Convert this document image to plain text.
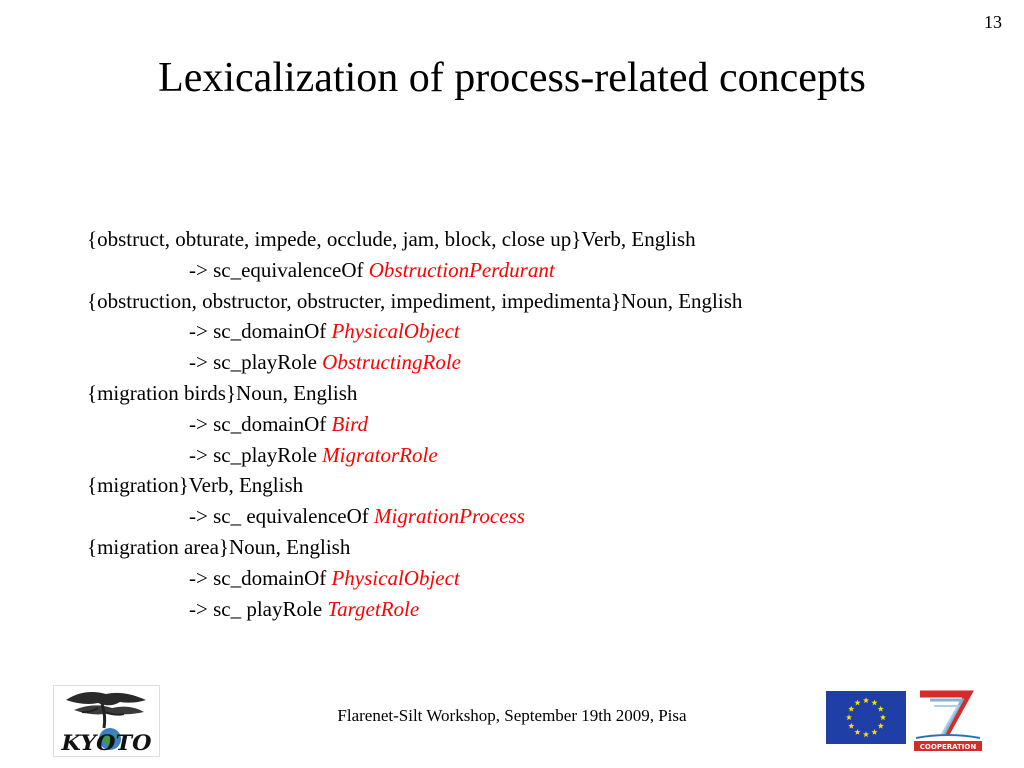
13
Lexicalization of process-related concepts
{obstruct, obturate, impede, occlude, jam, block, close up}Verb, English
-> sc_equivalenceOf ObstructionPerdurant
{obstruction, obstructor, obstructer, impediment, impedimenta}Noun, English
-> sc_domainOf PhysicalObject
-> sc_playRole ObstructingRole
{migration birds}Noun, English
-> sc_domainOf Bird
-> sc_playRole MigratorRole
{migration}Verb, English
-> sc_ equivalenceOf MigrationProcess
{migration area}Noun, English
-> sc_domainOf PhysicalObject
-> sc_ playRole TargetRole
KYOTO
Flarenet-Silt Workshop, September 19th 2009, Pisa
COOPERATION
